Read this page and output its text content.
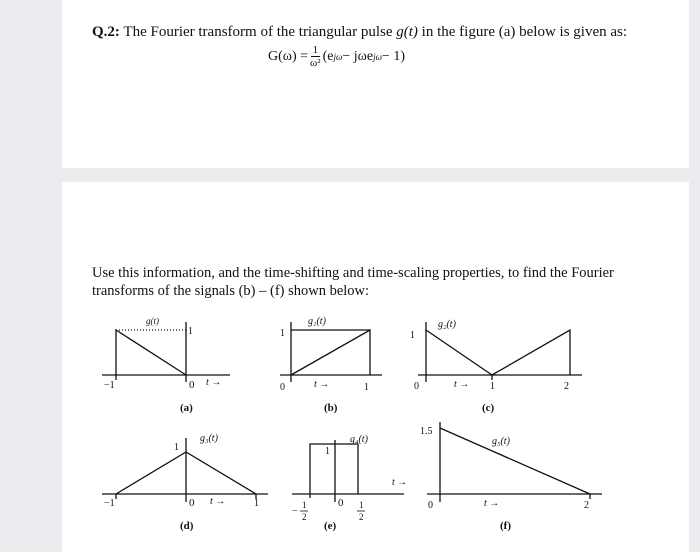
Q.2: The Fourier transform of the triangular pulse g(t) in the figure (a) below is given as:
$G(\omega) = \frac{1}{\text{ω²}} (e$ jω − jωe jω − 1)
Use this information, and the time-shifting and time-scaling properties, to find the Fourier transforms of the signals (b) – (f) shown below:
g(t)
1
−1	0 t →
(a)
g₁(t)
1
0	t →	1
(b)
g₂(t)
1
0	t → 1	2
(c)
g₃(t)
1
−1	0 t →	1
(d)
g₄(t)
1
t →
−
1
2
0 1
2
(e)
g₅(t)
1.5
0	t →	2
(f)
